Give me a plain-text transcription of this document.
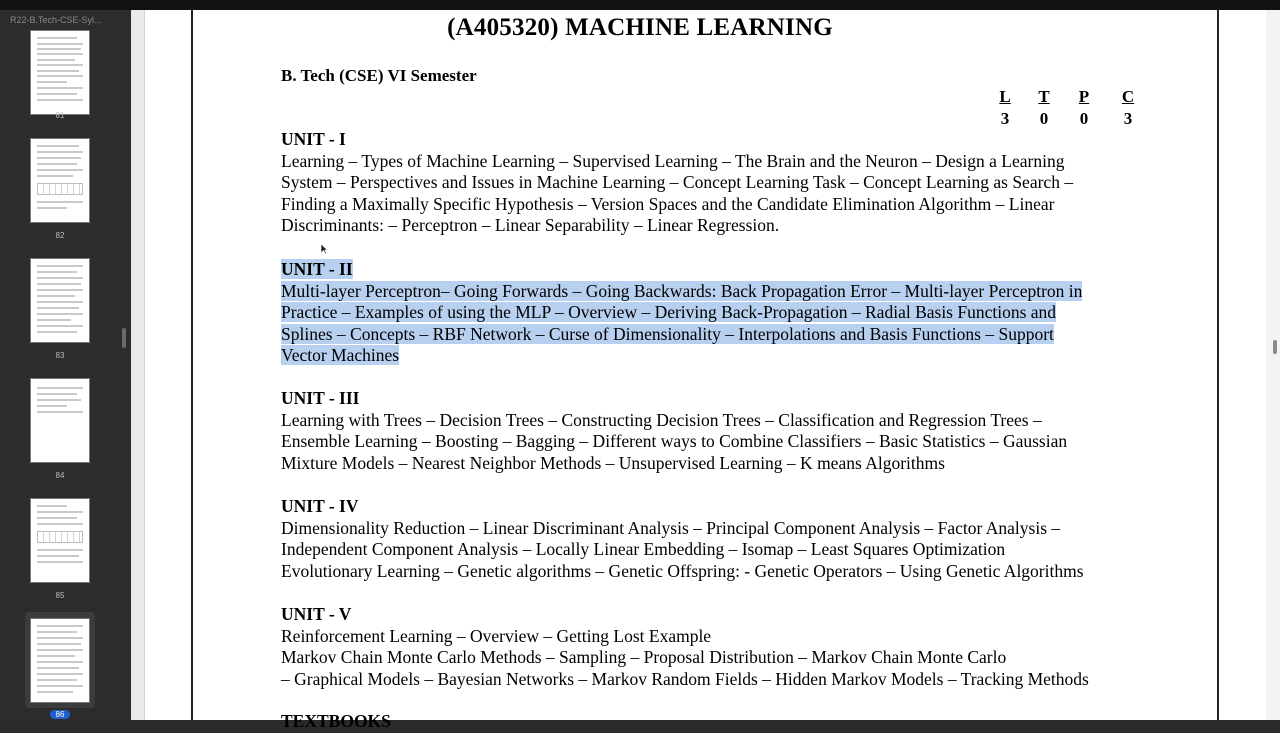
R22-B.Tech-CSE-Syl...
81
82
83
84
85
86
(A405320) MACHINE LEARNING
B. Tech (CSE) VI Semester
L
3
T
0
P
0
C
3
UNIT - I
Learning – Types of Machine Learning – Supervised Learning – The Brain and the Neuron – Design a Learning
System – Perspectives and Issues in Machine Learning – Concept Learning Task – Concept Learning as Search –
Finding a Maximally Specific Hypothesis – Version Spaces and the Candidate Elimination Algorithm – Linear
Discriminants: – Perceptron – Linear Separability – Linear Regression.
UNIT - II
Multi-layer Perceptron– Going Forwards – Going Backwards: Back Propagation Error – Multi-layer Perceptron in
Practice – Examples of using the MLP – Overview – Deriving Back-Propagation – Radial Basis Functions and
Splines – Concepts – RBF Network – Curse of Dimensionality – Interpolations and Basis Functions – Support
Vector Machines
UNIT - III
Learning with Trees – Decision Trees – Constructing Decision Trees – Classification and Regression Trees –
Ensemble Learning – Boosting – Bagging – Different ways to Combine Classifiers – Basic Statistics – Gaussian
Mixture Models – Nearest Neighbor Methods – Unsupervised Learning – K means Algorithms
UNIT - IV
Dimensionality Reduction – Linear Discriminant Analysis – Principal Component Analysis – Factor Analysis –
Independent Component Analysis – Locally Linear Embedding – Isomap – Least Squares Optimization
Evolutionary Learning – Genetic algorithms – Genetic Offspring: - Genetic Operators – Using Genetic Algorithms
UNIT - V
Reinforcement Learning – Overview – Getting Lost Example
Markov Chain Monte Carlo Methods – Sampling – Proposal Distribution – Markov Chain Monte Carlo
– Graphical Models – Bayesian Networks – Markov Random Fields – Hidden Markov Models – Tracking Methods
TEXTBOOKS
